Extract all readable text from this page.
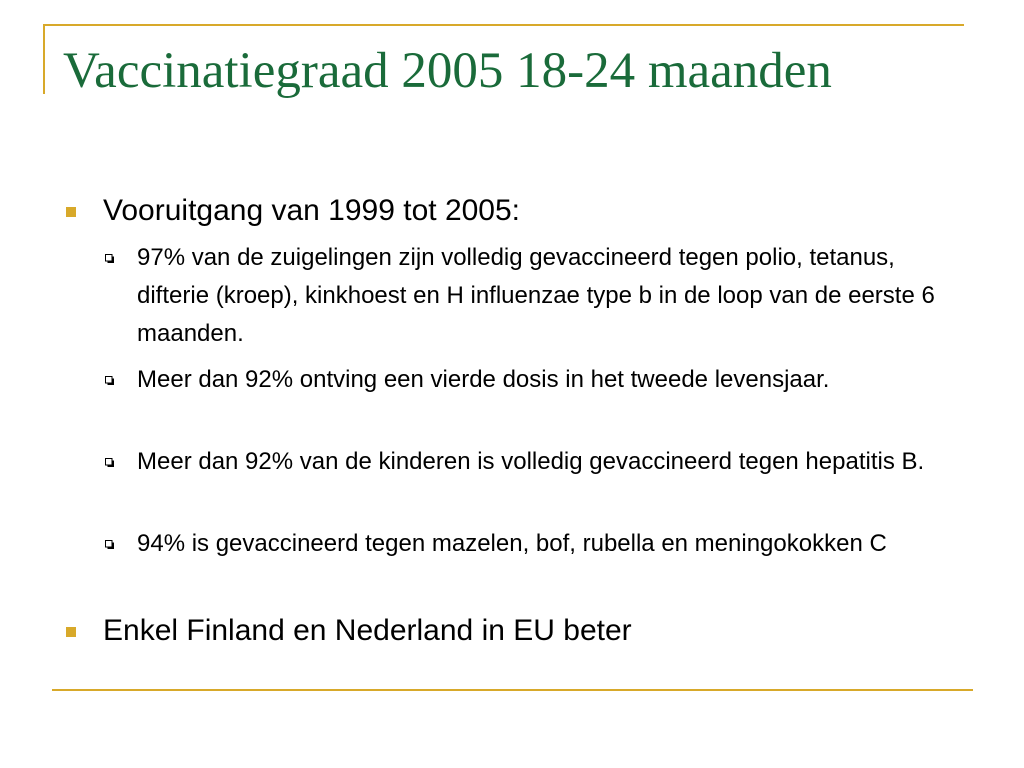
Vaccinatiegraad 2005 18-24 maanden
Vooruitgang van 1999 tot 2005:
97% van de zuigelingen zijn volledig gevaccineerd tegen polio, tetanus, difterie (kroep), kinkhoest en H influenzae type b in de loop van de eerste 6 maanden.
Meer dan 92% ontving een vierde dosis in het tweede levensjaar.
Meer dan 92% van de kinderen is volledig gevaccineerd tegen hepatitis B.
94% is gevaccineerd tegen mazelen, bof, rubella en meningokokken C
Enkel Finland en Nederland in EU beter
